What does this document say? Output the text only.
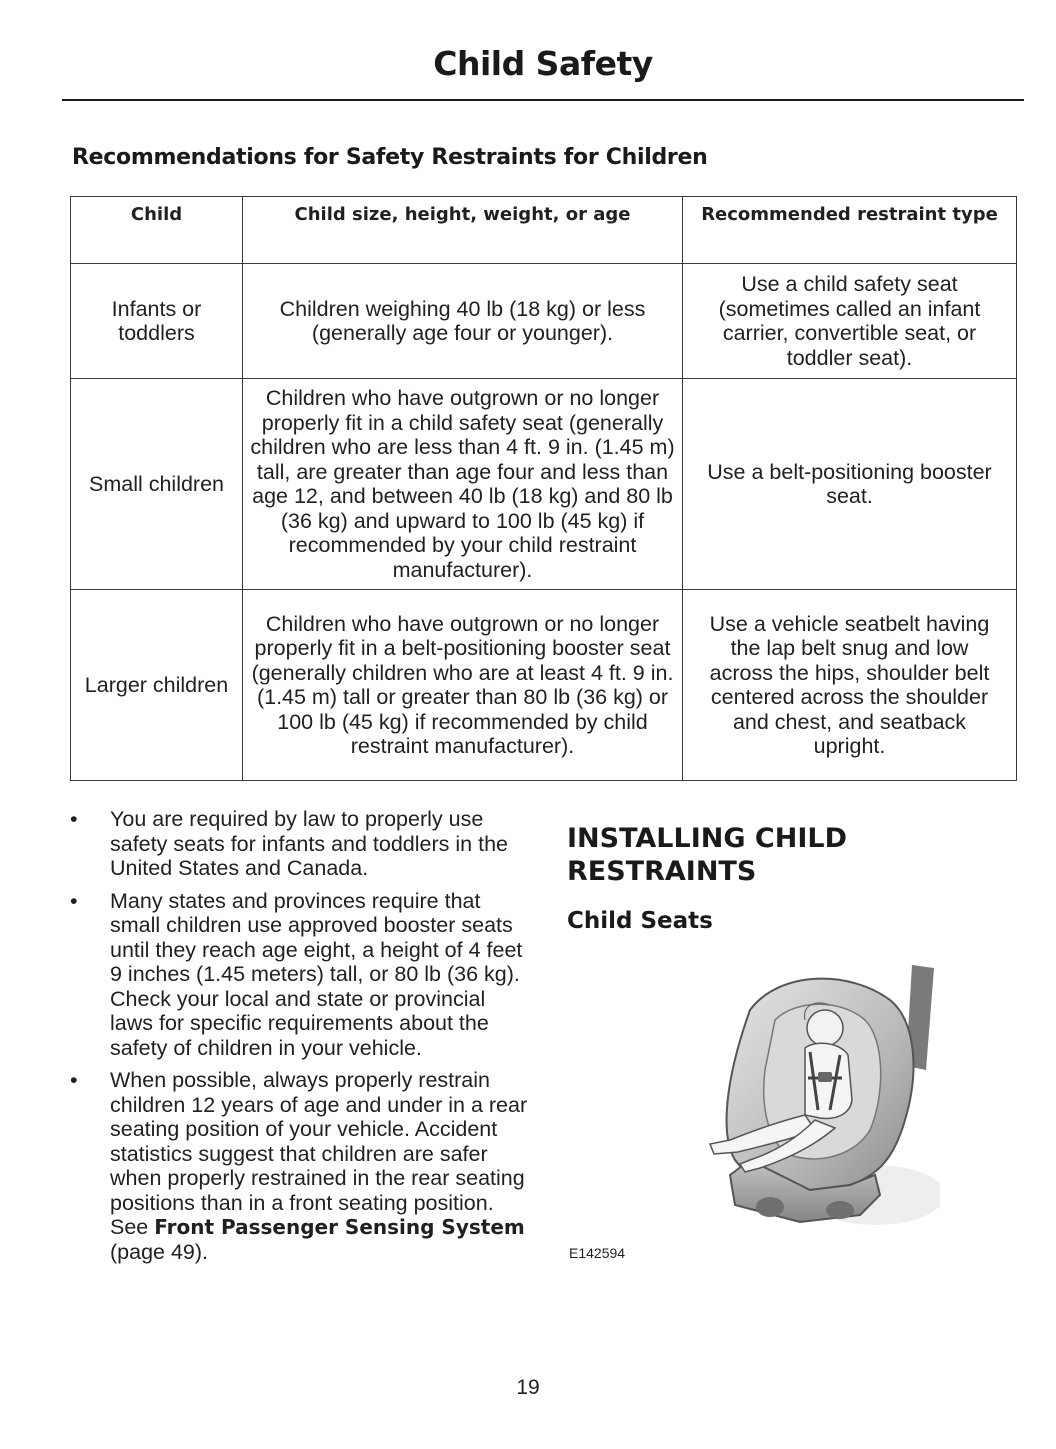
Child Safety
Recommendations for Safety Restraints for Children
Child	Child size, height, weight, or age	Recommended restraint type
Infants or toddlers	Children weighing 40 lb (18 kg) or less (generally age four or younger).	Use a child safety seat (sometimes called an infant carrier, convertible seat, or toddler seat).
Small children	Children who have outgrown or no longer properly fit in a child safety seat (generally children who are less than 4 ft. 9 in. (1.45 m) tall, are greater than age four and less than age 12, and between 40 lb (18 kg) and 80 lb (36 kg) and upward to 100 lb (45 kg) if recommended by your child restraint manufacturer).	Use a belt-positioning booster seat.
Larger children	Children who have outgrown or no longer properly fit in a belt-positioning booster seat (generally children who are at least 4 ft. 9 in. (1.45 m) tall or greater than 80 lb (36 kg) or 100 lb (45 kg) if recommended by child restraint manufacturer).	Use a vehicle seatbelt having the lap belt snug and low across the hips, shoulder belt centered across the shoulder and chest, and seatback upright.
• You are required by law to properly use safety seats for infants and toddlers in the United States and Canada.
• Many states and provinces require that small children use approved booster seats until they reach age eight, a height of 4 feet 9 inches (1.45 meters) tall, or 80 lb (36 kg). Check your local and state or provincial laws for specific requirements about the safety of children in your vehicle.
• When possible, always properly restrain children 12 years of age and under in a rear seating position of your vehicle. Accident statistics suggest that children are safer when properly restrained in the rear seating positions than in a front seating position. See Front Passenger Sensing System (page 49).
INSTALLING CHILD RESTRAINTS
Child Seats
E142594
19
